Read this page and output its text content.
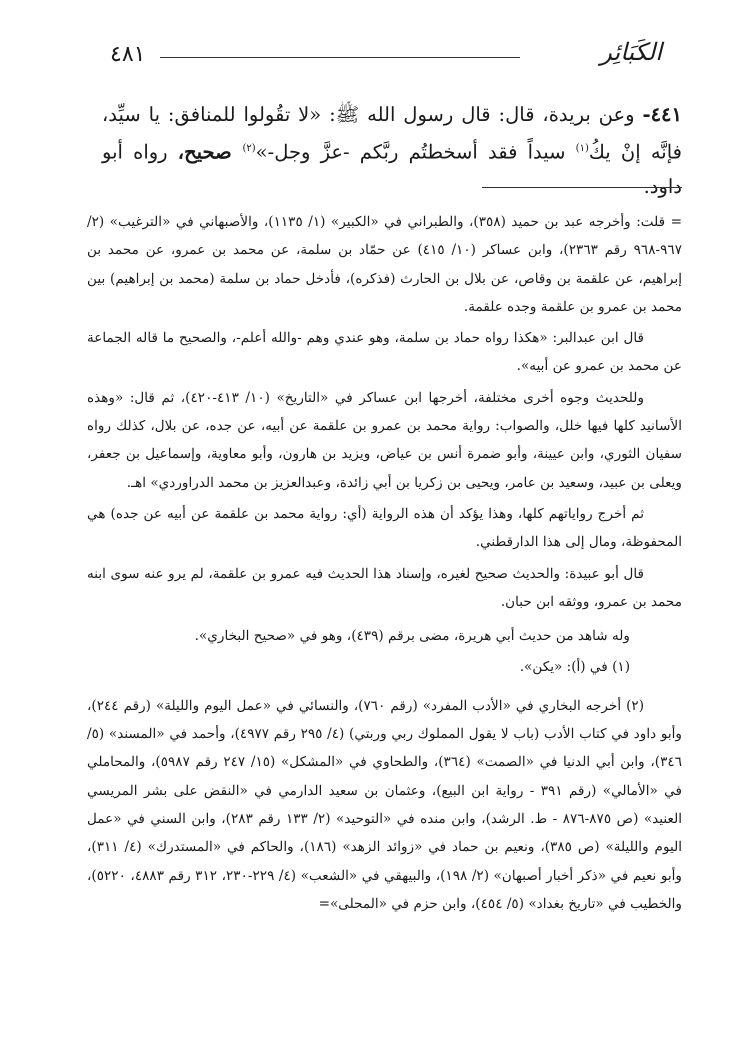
الكَبَائِر
٤٨١
٤٤١- وعن بريدة، قال: قال رسول الله ﷺ: «لا تقُولوا للمنافق: يا سيِّد، فإنَّه إنْ يكُ$^{(١)}$ سيداً فقد أسخطتُم ربَّكم -عزَّ وجل-»$^{(٢)}$ صحيح، رواه أبو داود.

= قلت: وأخرجه عبد بن حميد (٣٥٨)، والطبراني في «الكبير» (١/ ١١٣٥)، والأصبهاني في «الترغيب» (٢/ ٩٦٧-٩٦٨ رقم ٢٣٦٣)، وابن عساكر (١٠/ ٤١٥) عن حمّاد بن سلمة، عن محمد بن عمرو، عن محمد بن إبراهيم، عن علقمة بن وقاص، عن بلال بن الحارث (فذكره)، فأدخل حماد بن سلمة (محمد بن إبراهيم) بين محمد بن عمرو بن علقمة وجده علقمة.

قال ابن عبدالبر: «هكذا رواه حماد بن سلمة، وهو عندي وهم -والله أعلم-، والصحيح ما قاله الجماعة عن محمد بن عمرو عن أبيه».

وللحديث وجوه أخرى مختلفة، أخرجها ابن عساكر في «التاريخ» (١٠/ ٤١٣-٤٢٠)، ثم قال: «وهذه الأسانيد كلها فيها خلل، والصواب: رواية محمد بن عمرو بن علقمة عن أبيه، عن جده، عن بلال، كذلك رواه سفيان الثوري، وابن عيينة، وأبو ضمرة أنس بن عياض، ويزيد بن هارون، وأبو معاوية، وإسماعيل بن جعفر، ويعلى بن عبيد، وسعيد بن عامر، ويحيى بن زكريا بن أبي زائدة، وعبدالعزيز بن محمد الدراوردي» اهـ.

ثم أخرج رواياتهم كلها، وهذا يؤكد أن هذه الرواية (أي: رواية محمد بن علقمة عن أبيه عن جده) هي المحفوظة، ومال إلى هذا الدارقطني.

قال أبو عبيدة: والحديث صحيح لغيره، وإسناد هذا الحديث فيه عمرو بن علقمة، لم يرو عنه سوى ابنه محمد بن عمرو، ووثقه ابن حبان.

وله شاهد من حديث أبي هريرة، مضى برقم (٤٣٩)، وهو في «صحيح البخاري».

(١) في (أ): «يكن».

(٢) أخرجه البخاري في «الأدب المفرد» (رقم ٧٦٠)، والنسائي في «عمل اليوم والليلة» (رقم ٢٤٤)، وأبو داود في كتاب الأدب (باب لا يقول المملوك ربي وربتي) (٤/ ٢٩٥ رقم ٤٩٧٧)، وأحمد في «المسند» (٥/ ٣٤٦)، وابن أبي الدنيا في «الصمت» (٣٦٤)، والطحاوي في «المشكل» (١٥/ ٢٤٧ رقم ٥٩٨٧)، والمحاملي في «الأمالي» (رقم ٣٩١ - رواية ابن البيع)، وعثمان بن سعيد الدارمي في «النقض على بشر المريسي العنيد» (ص ٨٧٥-٨٧٦ - ط. الرشد)، وابن منده في «التوحيد» (٢/ ١٣٣ رقم ٢٨٣)، وابن السني في «عمل اليوم والليلة» (ص ٣٨٥)، ونعيم بن حماد في «زوائد الزهد» (١٨٦)، والحاكم في «المستدرك» (٤/ ٣١١)، وأبو نعيم في «ذكر أخبار أصبهان» (٢/ ١٩٨)، والبيهقي في «الشعب» (٤/ ٢٢٩-٢٣٠، ٣١٢ رقم ٤٨٨٣، ٥٢٢٠)، والخطيب في «تاريخ بغداد» (٥/ ٤٥٤)، وابن حزم في «المحلى»=
